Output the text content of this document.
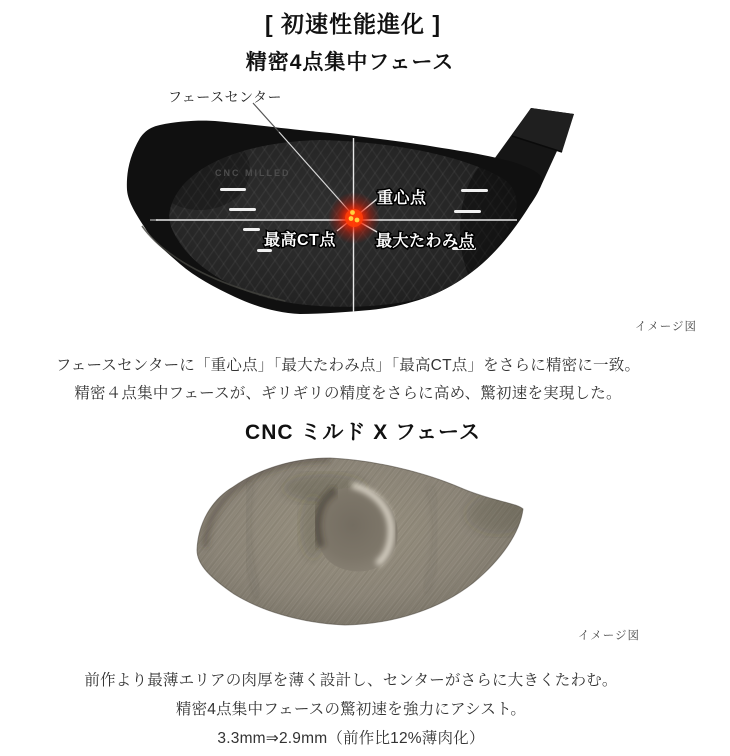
[ 初速性能進化 ]
精密4点集中フェース
フェースセンター
CNC MILLED
重心点
最高CT点	最大たわみ点
イメージ図
フェースセンターに「重心点」「最大たわみ点」「最高CT点」をさらに精密に一致。
精密４点集中フェースが、ギリギリの精度をさらに高め、驚初速を実現した。
CNC ミルド X フェース
イメージ図
前作より最薄エリアの肉厚を薄く設計し、センターがさらに大きくたわむ。
精密4点集中フェースの驚初速を強力にアシスト。
3.3mm⇒2.9mm（前作比12%薄肉化）
